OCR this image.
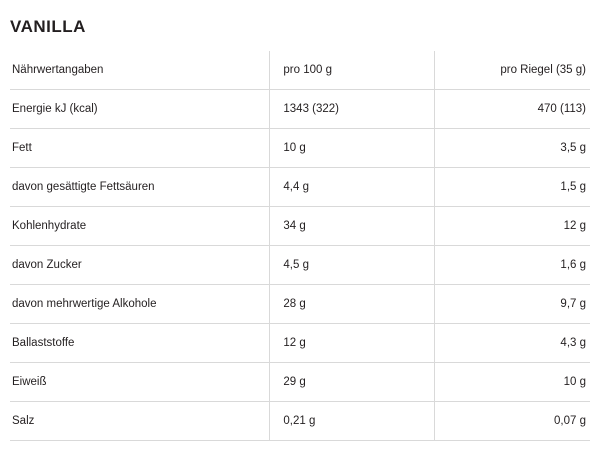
VANILLA
Nährwertangaben	pro 100 g	pro Riegel (35 g)
Energie kJ (kcal)	1343 (322)	470 (113)
Fett	10 g	3,5 g
davon gesättigte Fettsäuren	4,4 g	1,5 g
Kohlenhydrate	34 g	12 g
davon Zucker	4,5 g	1,6 g
davon mehrwertige Alkohole	28 g	9,7 g
Ballaststoffe	12 g	4,3 g
Eiweiß	29 g	10 g
Salz	0,21 g	0,07 g
